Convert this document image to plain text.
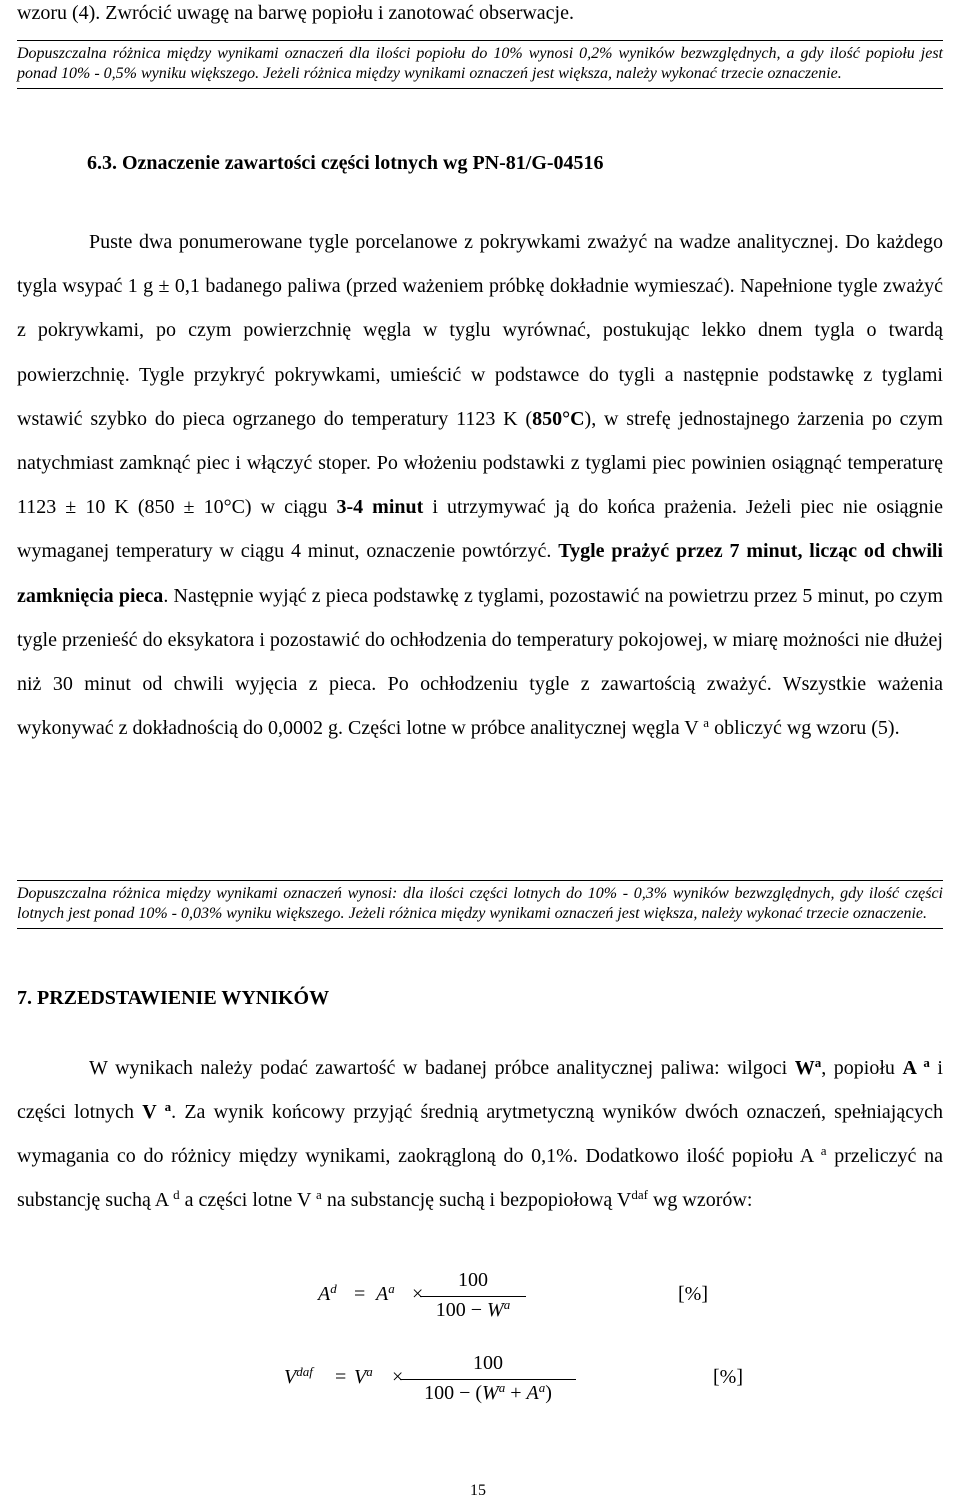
wzoru (4). Zwrócić uwagę na barwę popiołu i zanotować obserwacje.
Dopuszczalna różnica między wynikami oznaczeń dla ilości popiołu do 10% wynosi 0,2% wyników bezwzględnych, a gdy ilość popiołu jest ponad 10% - 0,5% wyniku większego. Jeżeli różnica między wynikami oznaczeń jest większa, należy wykonać trzecie oznaczenie.
6.3. Oznaczenie zawartości części lotnych wg PN-81/G-04516
Puste dwa ponumerowane tygle porcelanowe z pokrywkami zważyć na wadze analitycznej. Do każdego tygla wsypać 1 g ± 0,1 badanego paliwa (przed ważeniem próbkę dokładnie wymieszać). Napełnione tygle zważyć z pokrywkami, po czym powierzchnię węgla w tyglu wyrównać, postukując lekko dnem tygla o twardą powierzchnię. Tygle przykryć pokrywkami, umieścić w podstawce do tygli a następnie podstawkę z tyglami wstawić szybko do pieca ogrzanego do temperatury 1123 K (850°C), w strefę jednostajnego żarzenia po czym natychmiast zamknąć piec i włączyć stoper. Po włożeniu podstawki z tyglami piec powinien osiągnąć temperaturę 1123 ± 10 K (850 ± 10°C) w ciągu 3-4 minut i utrzymywać ją do końca prażenia. Jeżeli piec nie osiągnie wymaganej temperatury w ciągu 4 minut, oznaczenie powtórzyć. Tygle prażyć przez 7 minut, licząc od chwili zamknięcia pieca. Następnie wyjąć z pieca podstawkę z tyglami, pozostawić na powietrzu przez 5 minut, po czym tygle przenieść do eksykatora i pozostawić do ochłodzenia do temperatury pokojowej, w miarę możności nie dłużej niż 30 minut od chwili wyjęcia z pieca. Po ochłodzeniu tygle z zawartością zważyć. Wszystkie ważenia wykonywać z dokładnością do 0,0002 g. Części lotne w próbce analitycznej węgla V $^a$ obliczyć wg wzoru (5).
Dopuszczalna różnica między wynikami oznaczeń wynosi: dla ilości części lotnych do 10% - 0,3% wyników bezwzględnych, gdy ilość części lotnych jest ponad 10% - 0,03% wyniku większego. Jeżeli różnica między wynikami oznaczeń jest większa, należy wykonać trzecie oznaczenie.
7. PRZEDSTAWIENIE WYNIKÓW
W wynikach należy podać zawartość w badanej próbce analitycznej paliwa: wilgoci $W^a$, popiołu A $^a$ i części lotnych V $^a$. Za wynik końcowy przyjąć średnią arytmetyczną wyników dwóch oznaczeń, spełniających wymagania co do różnicy między wynikami, zaokrągloną do 0,1%. Dodatkowo ilość popiołu A $^a$ przeliczyć na substancję suchą A $^d$ a części lotne V $^a$ na substancję suchą i bezpopiołową $V^{daf}$ wg wzorów:
$A^d = A^a$ ×
$\frac{100}{100 - W^a}$	[%]
$V^{daf} = V^a$ ×
$\frac{100}{100 - (W^a + A^a)}$	[%]
15
